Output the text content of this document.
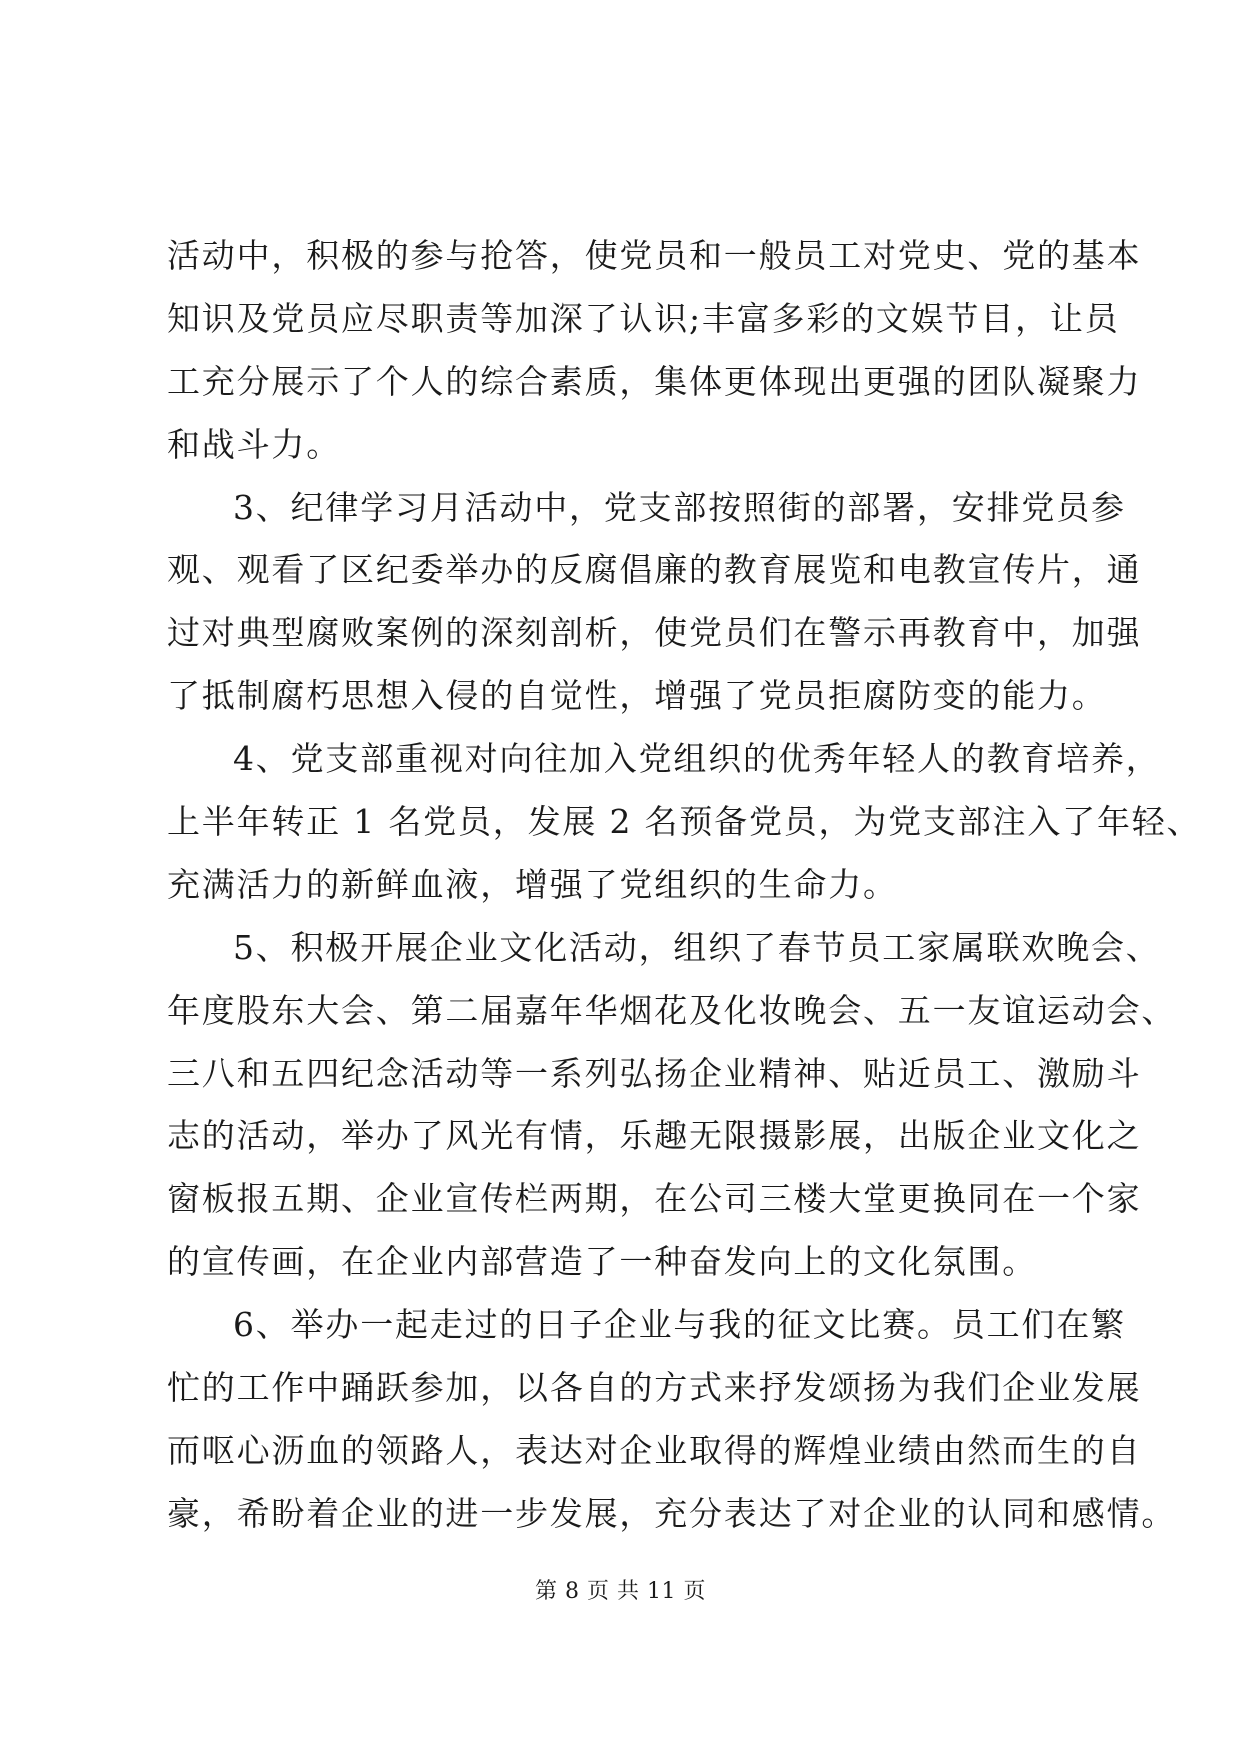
活动中，积极的参与抢答，使党员和一般员工对党史、党的基本
知识及党员应尽职责等加深了认识;丰富多彩的文娱节目，让员
工充分展示了个人的综合素质，集体更体现出更强的团队凝聚力
和战斗力。
3、纪律学习月活动中，党支部按照街的部署，安排党员参
观、观看了区纪委举办的反腐倡廉的教育展览和电教宣传片，通
过对典型腐败案例的深刻剖析，使党员们在警示再教育中，加强
了抵制腐朽思想入侵的自觉性，增强了党员拒腐防变的能力。
4、党支部重视对向往加入党组织的优秀年轻人的教育培养，
上半年转正 1 名党员，发展 2 名预备党员，为党支部注入了年轻、
充满活力的新鲜血液，增强了党组织的生命力。
5、积极开展企业文化活动，组织了春节员工家属联欢晚会、
年度股东大会、第二届嘉年华烟花及化妆晚会、五一友谊运动会、
三八和五四纪念活动等一系列弘扬企业精神、贴近员工、激励斗
志的活动，举办了风光有情，乐趣无限摄影展，出版企业文化之
窗板报五期、企业宣传栏两期，在公司三楼大堂更换同在一个家
的宣传画，在企业内部营造了一种奋发向上的文化氛围。
6、举办一起走过的日子企业与我的征文比赛。员工们在繁
忙的工作中踊跃参加，以各自的方式来抒发颂扬为我们企业发展
而呕心沥血的领路人，表达对企业取得的辉煌业绩由然而生的自
豪，希盼着企业的进一步发展，充分表达了对企业的认同和感情。
第 8 页 共 11 页
